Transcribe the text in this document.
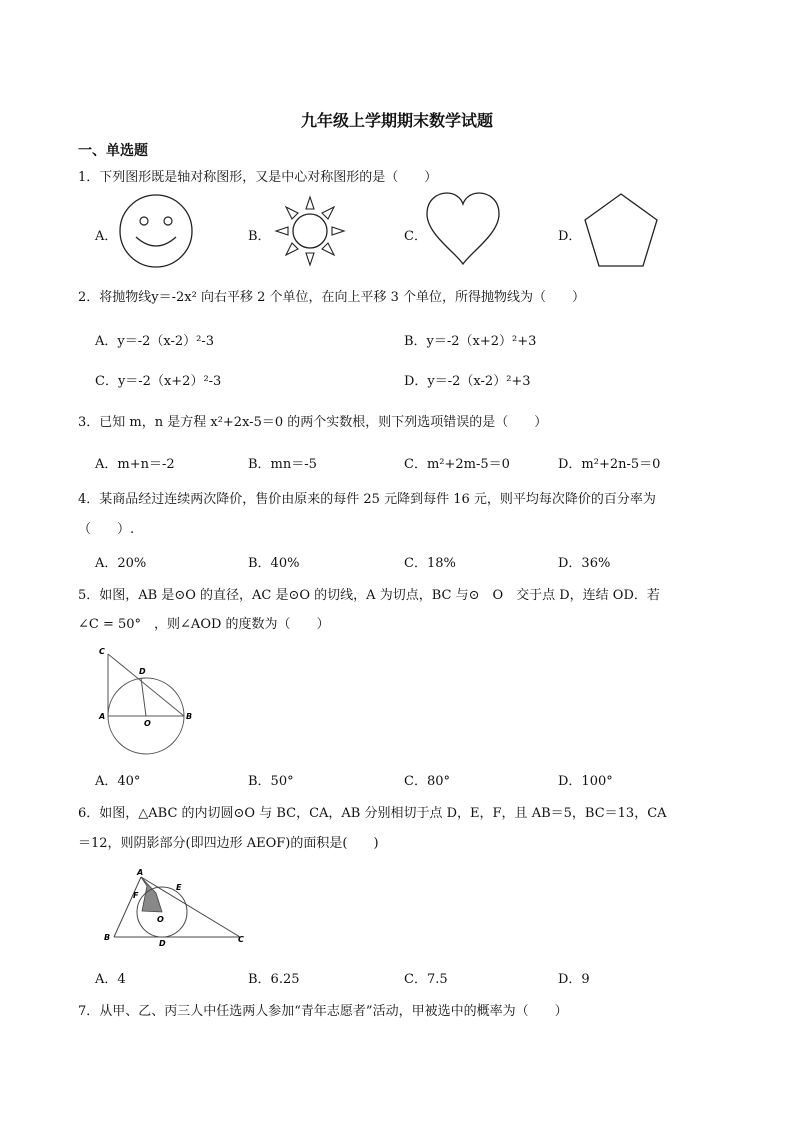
九年级上学期期末数学试题
一、单选题
1．下列图形既是轴对称图形，又是中心对称图形的是（　　）
A．	B．	C．	D．
2．将抛物线y＝-2x² 向右平移 2 个单位，在向上平移 3 个单位，所得抛物线为（　　）
A．y＝-2（x-2）²-3	B．y＝-2（x+2）²+3
C．y＝-2（x+2）²-3	D．y＝-2（x-2）²+3
3．已知 m，n 是方程 x²+2x-5＝0 的两个实数根，则下列选项错误的是（　　）
A．m+n＝-2	B．mn＝-5	C．m²+2m-5＝0	D．m²+2n-5＝0
4．某商品经过连续两次降价，售价由原来的每件 25 元降到每件 16 元，则平均每次降价的百分率为
（　　）.
A．20%	B．40%	C．18%	D．36%
5．如图，AB 是⊙O 的直径，AC 是⊙O 的切线，A 为切点，BC 与⊙　O　交于点 D，连结 OD．若
∠C = 50°　，则∠AOD 的度数为（　　）
C
D
A
O
B
A．40°	B．50°	C．80°	D．100°
6．如图，△ABC 的内切圆⊙O 与 BC，CA，AB 分别相切于点 D，E，F，且 AB＝5，BC＝13，CA
＝12，则阴影部分(即四边形 AEOF)的面积是(　　)
A
F
E
O
B
D	C
A．4	B．6.25	C．7.5	D．9
7．从甲、乙、丙三人中任选两人参加“青年志愿者”活动，甲被选中的概率为（　　）
